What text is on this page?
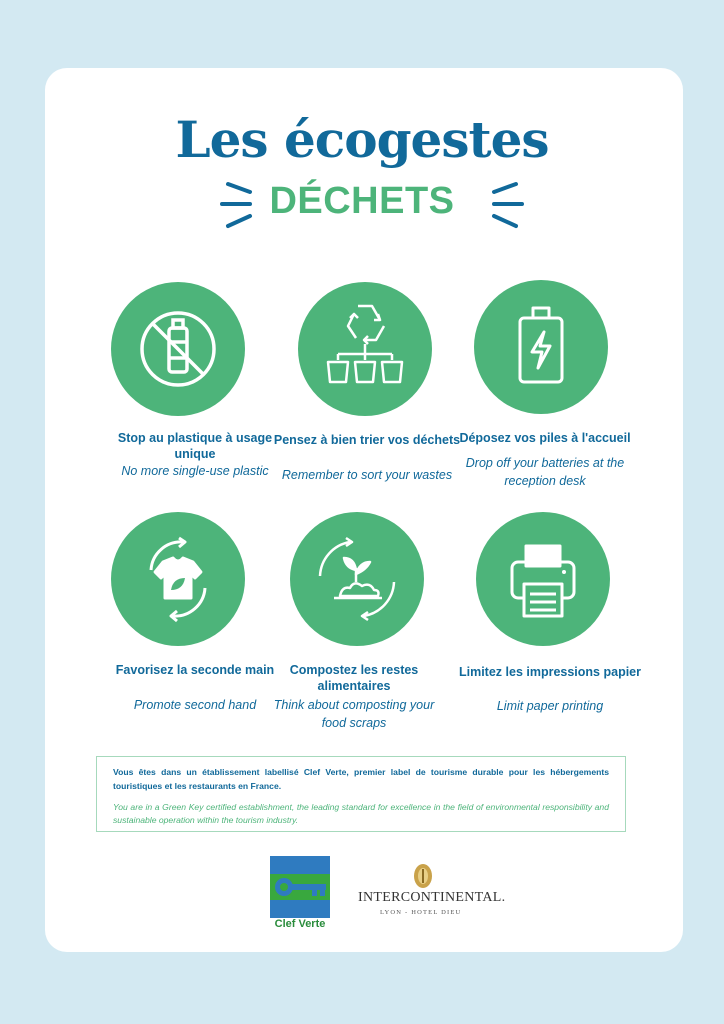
Les écogestes
DÉCHETS
Stop au plastique à usage unique
No more single-use plastic
Pensez à bien trier vos déchets
Remember to sort your wastes
Déposez vos piles à l'accueil
Drop off your batteries at the reception desk
Favorisez la seconde main
Promote second hand
Compostez les restes alimentaires
Think about composting your food scraps
Limitez les impressions papier
Limit paper printing

Vous êtes dans un établissement labellisé Clef Verte, premier label de tourisme durable pour les hébergements touristiques et les restaurants en France.

You are in a Green Key certified establishment, the leading standard for excellence in the field of environmental responsibility and sustainable operation within the tourism industry.

Clef Verte
INTERCONTINENTAL.
LYON - HOTEL DIEU
